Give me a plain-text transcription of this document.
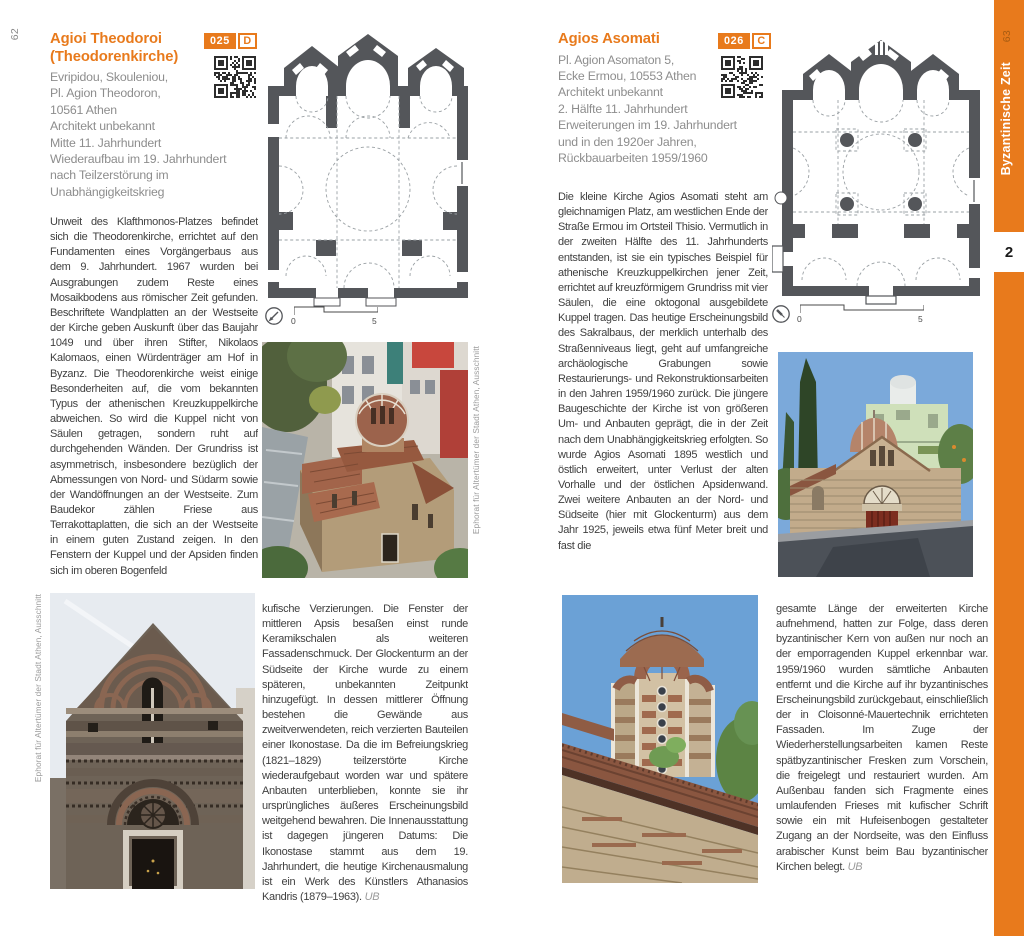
62 Agioi Theodoroi
(Theodorenkirche)
Evripidou, Skouleniou,
Pl. Agion Theodoron,
10561 Athen
Architekt unbekannt
Mitte 11. Jahrhundert
Wiederaufbau im 19. Jahrhundert
nach Teilzerstörung im
Unabhängigkeitskrieg
025	D
0	5

Unweit des Klafthmonos-Platzes befindet sich die Theodorenkirche, errichtet auf den Fundamenten eines Vorgängerbaus aus dem 9. Jahrhundert. 1967 wurden bei Ausgrabungen zudem Reste eines Mosaikbodens aus römischer Zeit gefunden. Beschriftete Wandplatten an der Westseite der Kirche geben Auskunft über das Baujahr 1049 und über ihren Stifter, Nikolaos Kalomaos, einen Würdenträger am Hof in Byzanz. Die Theodorenkirche weist einige Besonderheiten auf, die vom bekannten Typus der athenischen Kreuzkuppelkirche abweichen. So wird die Kuppel nicht von Säulen getragen, sondern ruht auf durchgehenden Wänden. Der Grundriss ist asymmetrisch, insbesondere bezüglich der Abmessungen von Nord- und Südarm sowie der Wandöffnungen an der Westseite. Zum Baudekor zählen Friese aus Terrakottaplatten, die sich an der Westseite in einem guten Zustand zeigen. In den Fenstern der Kuppel und der Apsiden finden sich im oberen Bogenfeld

Ephorat für Altertümer der Stadt Athen, Ausschnitt
Ephorat für Altertümer der Stadt Athen, Ausschnitt	kufische Verzierungen. Die Fenster der mittleren Apsis besaßen einst runde Keramikschalen als weiteren Fassadenschmuck. Der Glockenturm an der Südseite der Kirche wurde zu einem späteren, unbekannten Zeitpunkt hinzugefügt. In dessen mittlerer Öffnung bestehen die Gewände aus zweitverwendeten, reich verzierten Bauteilen einer Ikonostase. Da die im Befreiungskrieg (1821–1829) teilzerstörte Kirche wiederaufgebaut worden war und spätere Anbauten unterblieben, konnte sie ihr ursprüngliches äußeres Erscheinungsbild weitgehend bewahren. Die Innenausstattung ist dagegen jüngeren Datums: Die Ikonostase stammt aus dem 19. Jahrhundert, die heutige Kirchenausmalung ist ein Werk des Künstlers Athanasios Kandris (1879–1963). UB

Agios Asomati
Pl. Agion Asomaton 5,
Ecke Ermou, 10553 Athen
Architekt unbekannt
2. Hälfte 11. Jahrhundert
Erweiterungen im 19. Jahrhundert
und in den 1920er Jahren,
Rückbauarbeiten 1959/1960
026	C
0	5

Die kleine Kirche Agios Asomati steht am gleichnamigen Platz, am westlichen Ende der Straße Ermou im Ortsteil Thisio. Vermutlich in der zweiten Hälfte des 11. Jahrhunderts entstanden, ist sie ein typisches Beispiel für athenische Kreuzkuppelkirchen jener Zeit, errichtet auf kreuzförmigem Grundriss mit vier Säulen, die eine oktogonal ausgebildete Kuppel tragen. Das heutige Erscheinungsbild des Sakralbaus, der merklich unterhalb des Straßenniveaus liegt, geht auf umfangreiche archäologische Grabungen sowie Restaurierungs- und Rekonstruktionsarbeiten in den Jahren 1959/1960 zurück. Die jüngere Baugeschichte der Kirche ist von größeren Um- und Anbauten geprägt, die in der Zeit nach dem Unabhängigkeitskrieg erfolgten. So wurde Agios Asomati 1895 westlich und östlich erweitert, unter Verlust der alten Vorhalle und der östlichen Apsidenwand. Zwei weitere Anbauten an der Nord- und Südseite (hier mit Glockenturm) aus dem Jahr 1925, jeweils etwa fünf Meter breit und fast die

gesamte Länge der erweiterten Kirche aufnehmend, hatten zur Folge, dass deren byzantinischer Kern von außen nur noch an der emporragenden Kuppel erkennbar war. 1959/1960 wurden sämtliche Anbauten entfernt und die Kirche auf ihr byzantinisches Erscheinungsbild zurückgebaut, einschließlich der in Cloisonné-Mauertechnik errichteten Fassaden. Im Zuge der Wiederherstellungsarbeiten kamen Reste spätbyzantinischer Fresken zum Vorschein, die freigelegt und restauriert wurden. Am Außenbau fanden sich Fragmente eines umlaufenden Frieses mit kufischer Schrift sowie ein mit Hufeisenbogen gestalteter Zugang an der Nordseite, was den Einfluss arabischer Kunst beim Bau byzantinischer Kirchen belegt. UB

63
Byzantinische Zeit
2
